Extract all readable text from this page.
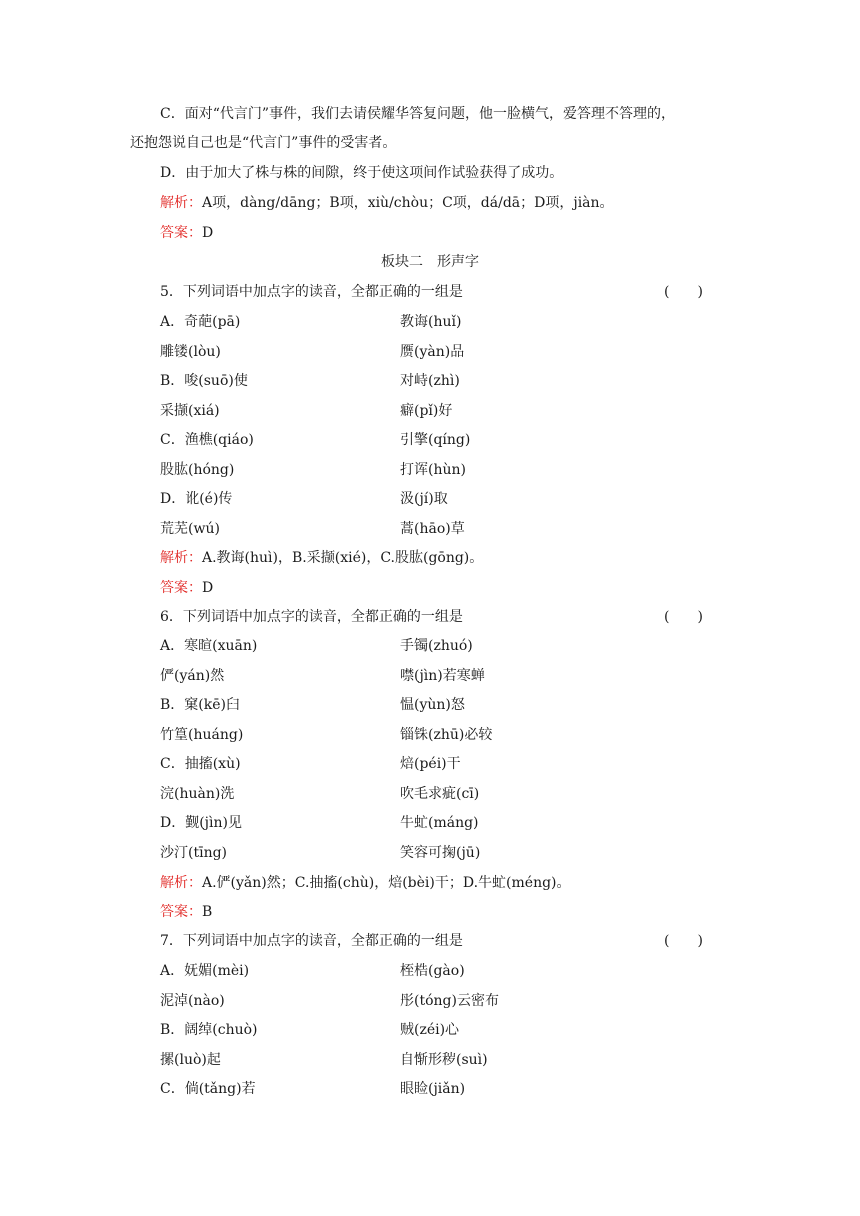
C．面对“代言门”事件，我们去请侯耀华答复问题，他一脸横气，爱答理不答理的，
还抱怨说自己也是“代言门”事件的受害者。
D．由于加大了株与株的间隙，终于使这项间作试验获得了成功。
解析：A项，dàng/dāng；B项，xiù/chòu；C项，dá/dā；D项，jiàn。
答案：D
板块二　形声字
5．下列词语中加点字的读音，全都正确的一组是	(　　)
A．奇葩(pā)	教诲(huǐ)
雕镂(lòu)	赝(yàn)品
B．唆(suō)使	对峙(zhì)
采撷(xiá)	癖(pǐ)好
C．渔樵(qiáo)	引擎(qíng)
股肱(hóng)	打诨(hùn)
D．讹(é)传	汲(jí)取
荒芜(wú)	蒿(hāo)草
解析：A.教诲(huì)，B.采撷(xié)，C.股肱(gōng)。
答案：D
6．下列词语中加点字的读音，全都正确的一组是	(　　)
A．寒暄(xuān)	手镯(zhuó)
俨(yán)然	噤(jìn)若寒蝉
B．窠(kē)臼	愠(yùn)怒
竹篁(huáng)	锱铢(zhū)必较
C．抽搐(xù)	焙(péi)干
浣(huàn)洗	吹毛求疵(cī)
D．觐(jìn)见	牛虻(máng)
沙汀(tīng)	笑容可掬(jū)
解析：A.俨(yǎn)然；C.抽搐(chù)，焙(bèi)干；D.牛虻(méng)。
答案：B
7．下列词语中加点字的读音，全都正确的一组是	(　　)
A．妩媚(mèi)	桎梏(gào)
泥淖(nào)	彤(tóng)云密布
B．阔绰(chuò)	贼(zéi)心
摞(luò)起	自惭形秽(suì)
C．倘(tǎng)若	眼睑(jiǎn)
